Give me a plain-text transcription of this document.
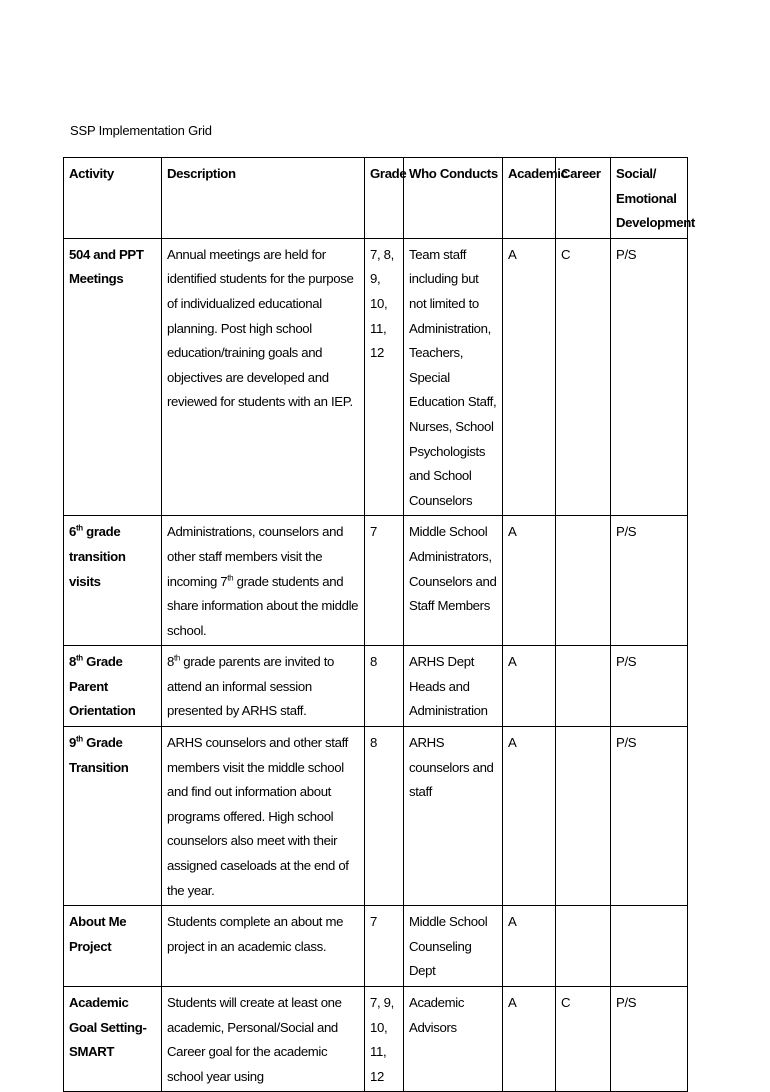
SSP Implementation Grid
Activity	Description	Grade	Who Conducts	Academic	Career	Social/
Emotional
Development

504 and PPT Meetings	Annual meetings are held for identified students for the purpose of individualized educational planning. Post high school education/training goals and objectives are developed and reviewed for students with an IEP.	7, 8, 9, 10, 11, 12	Team staff including but not limited to Administration, Teachers, Special Education Staff, Nurses, School Psychologists and School Counselors	A	C	P/S
6th grade transition visits	Administrations, counselors and other staff members visit the incoming 7th grade students and share information about the middle school.	7	Middle School Administrators, Counselors and Staff Members	A		P/S
8th Grade Parent Orientation	8th grade parents are invited to attend an informal session presented by ARHS staff.	8	ARHS Dept Heads and Administration	A		P/S
9th Grade Transition	ARHS counselors and other staff members visit the middle school and find out information about programs offered. High school counselors also meet with their assigned caseloads at the end of the year.	8	ARHS counselors and staff	A		P/S
About Me Project	Students complete an about me project in an academic class.	7	Middle School Counseling Dept	A		
Academic Goal Setting- SMART	Students will create at least one academic, Personal/Social and Career goal for the academic school year using	7, 9, 10, 11, 12	Academic Advisors	A	C	P/S
